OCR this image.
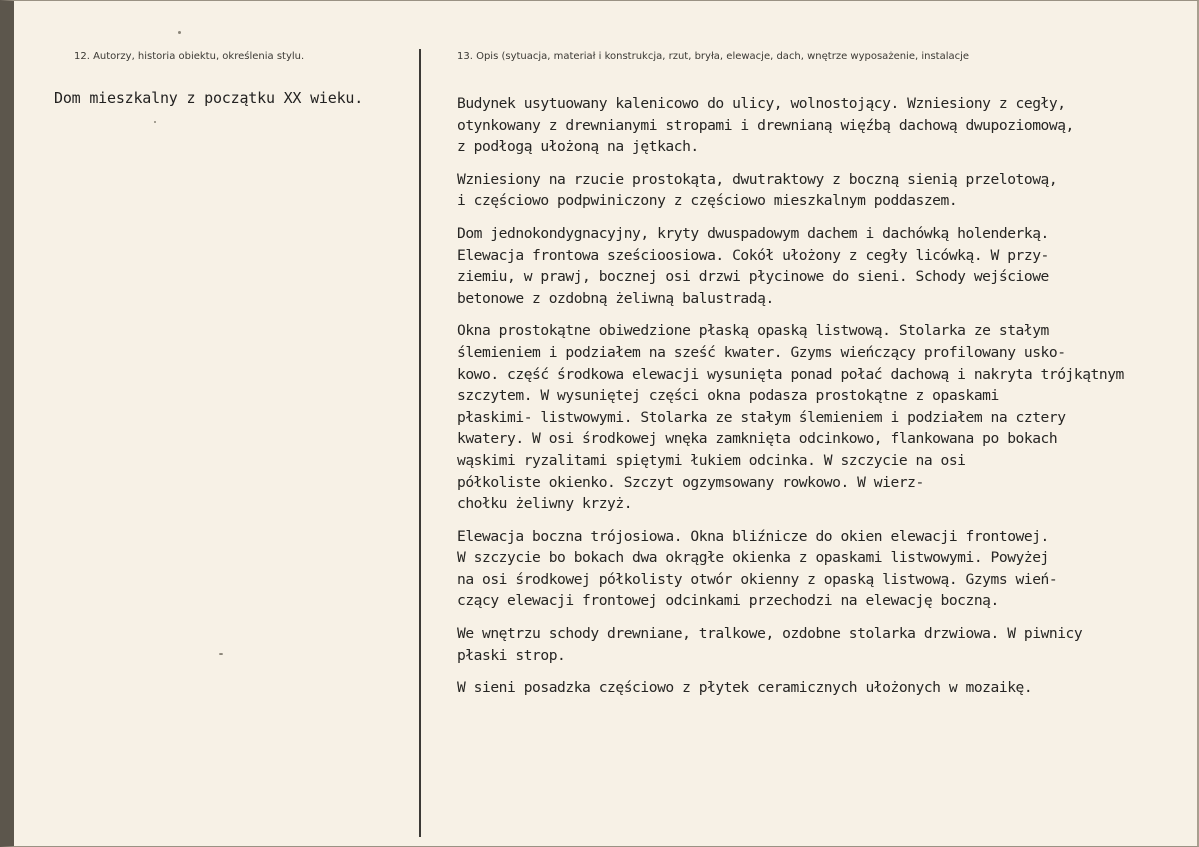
12. Autorzy, historia obiektu, określenia stylu.	13. Opis (sytuacja, materiał i konstrukcja, rzut, bryła, elewacje, dach, wnętrze wyposażenie, instalacje
Dom mieszkalny z początku XX wieku.	Budynek usytuowany kalenicowo do ulicy, wolnostojący. Wzniesiony z cegły,
otynkowany z drewnianymi stropami i drewnianą więźbą dachową dwupoziomową,
z podłogą ułożoną na jętkach.
Wzniesiony na rzucie prostokąta, dwutraktowy z boczną sienią przelotową,
i częściowo podpwiniczony z częściowo mieszkalnym poddaszem.
Dom jednokondygnacyjny, kryty dwuspadowym dachem i dachówką holenderką.
Elewacja frontowa sześcioosiowa. Cokół ułożony z cegły licówką. W przy-
ziemiu, w prawj, bocznej osi drzwi płycinowe do sieni. Schody wejściowe
betonowe z ozdobną żeliwną balustradą.
Okna prostokątne obiwedzione płaską opaską listwową. Stolarka ze stałym
ślemieniem i podziałem na sześć kwater. Gzyms wieńczący profilowany usko-
kowo. część środkowa elewacji wysunięta ponad połać dachową i nakryta trójkątnym
szczytem. W wysuniętej części okna podasza prostokątne z opaskami
płaskimi- listwowymi. Stolarka ze stałym ślemieniem i podziałem na cztery
kwatery. W osi środkowej wnęka zamknięta odcinkowo, flankowana po bokach
wąskimi ryzalitami spiętymi łukiem odcinka. W szczycie na osi
półkoliste okienko. Szczyt ogzymsowany rowkowo. W wierz-
chołku żeliwny krzyż.
Elewacja boczna trójosiowa. Okna bliźnicze do okien elewacji frontowej.
W szczycie bo bokach dwa okrągłe okienka z opaskami listwowymi. Powyżej
na osi środkowej półkolisty otwór okienny z opaską listwową. Gzyms wień-
czący elewacji frontowej odcinkami przechodzi na elewację boczną.
We wnętrzu schody drewniane, tralkowe, ozdobne stolarka drzwiowa. W piwnicy
płaski strop.
W sieni posadzka częściowo z płytek ceramicznych ułożonych w mozaikę.
